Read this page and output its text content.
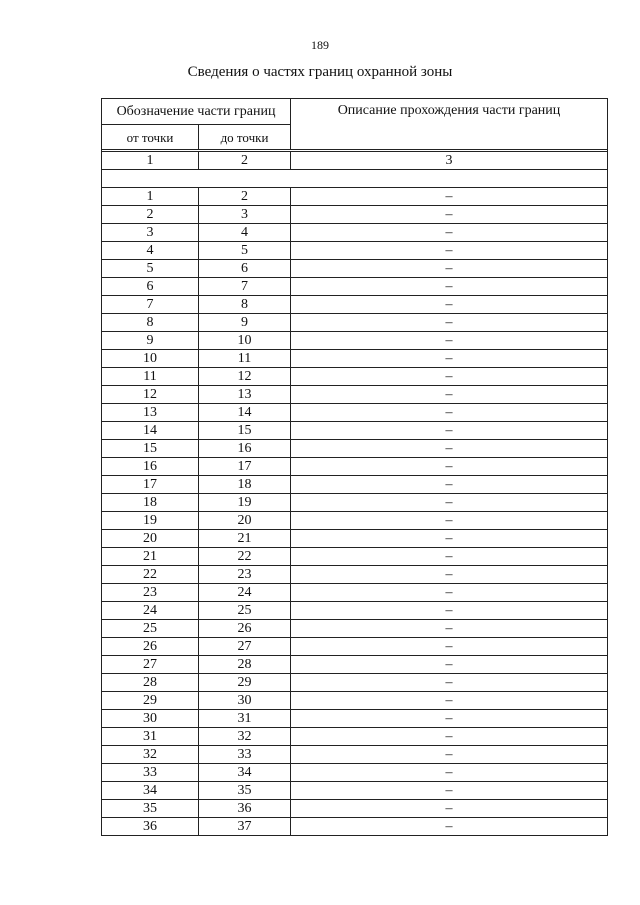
189
Сведения о частях границ охранной зоны
Обозначение части границ		Описание прохождения части границ
от точки	до точки	

1	2	3

1	2	–
2	3	–
3	4	–
4	5	–
5	6	–
6	7	–
7	8	–
8	9	–
9	10	–
10	11	–
11	12	–
12	13	–
13	14	–
14	15	–
15	16	–
16	17	–
17	18	–
18	19	–
19	20	–
20	21	–
21	22	–
22	23	–
23	24	–
24	25	–
25	26	–
26	27	–
27	28	–
28	29	–
29	30	–
30	31	–
31	32	–
32	33	–
33	34	–
34	35	–
35	36	–
36	37	–
